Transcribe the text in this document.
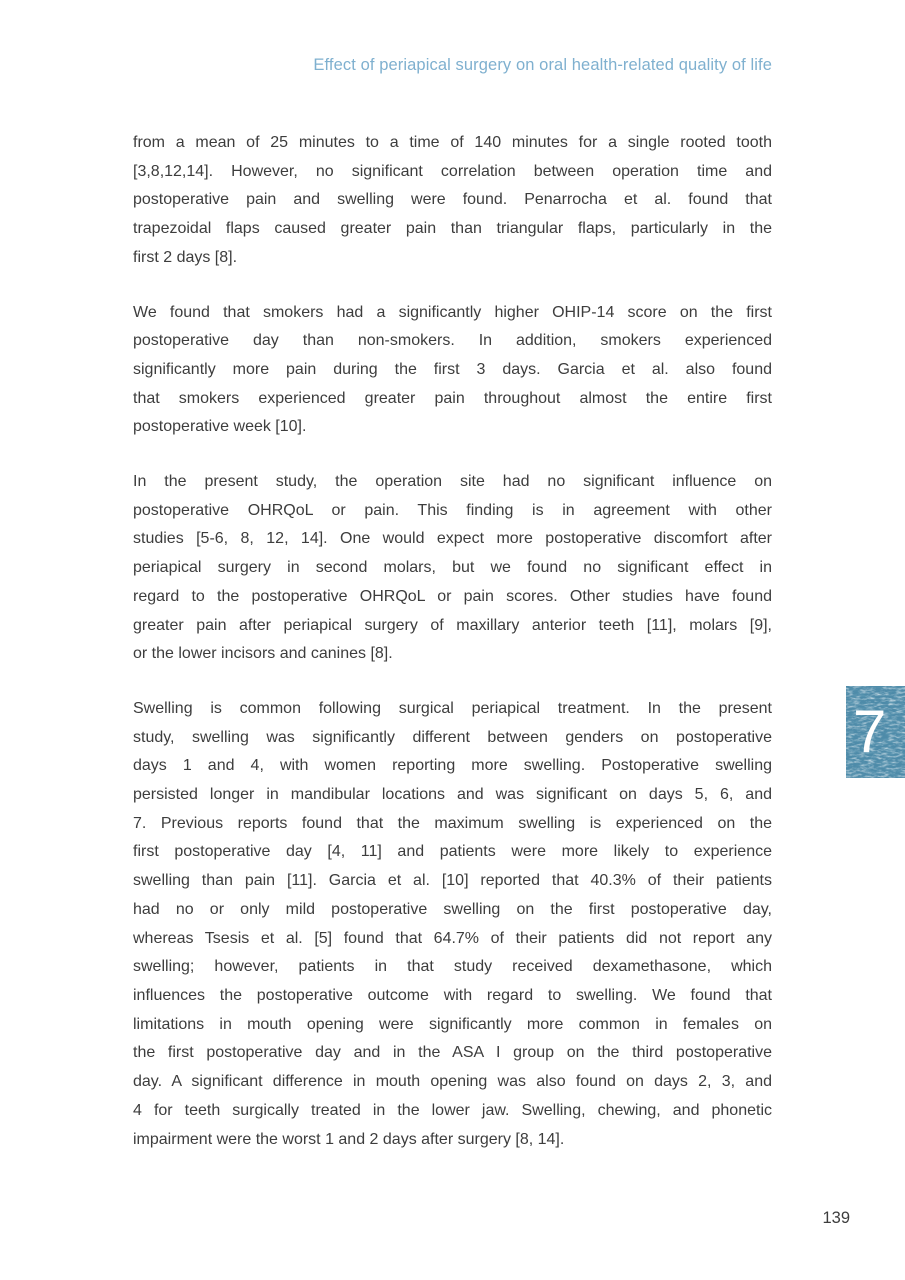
Effect of periapical surgery on oral health-related quality of life
from a mean of 25 minutes to a time of 140 minutes for a single rooted tooth
[3,8,12,14]. However, no significant correlation between operation time and
postoperative pain and swelling were found. Penarrocha et al. found that
trapezoidal flaps caused greater pain than triangular flaps, particularly in the
first 2 days [8].
We found that smokers had a significantly higher OHIP-14 score on the first
postoperative day than non-smokers. In addition, smokers experienced
significantly more pain during the first 3 days. Garcia et al. also found
that smokers experienced greater pain throughout almost the entire first
postoperative week [10].
In the present study, the operation site had no significant influence on
postoperative OHRQoL or pain. This finding is in agreement with other
studies [5-6, 8, 12, 14]. One would expect more postoperative discomfort after
periapical surgery in second molars, but we found no significant effect in
regard to the postoperative OHRQoL or pain scores. Other studies have found
greater pain after periapical surgery of maxillary anterior teeth [11], molars [9],
or the lower incisors and canines [8].
Swelling is common following surgical periapical treatment. In the present
study, swelling was significantly different between genders on postoperative
days 1 and 4, with women reporting more swelling. Postoperative swelling
persisted longer in mandibular locations and was significant on days 5, 6, and
7. Previous reports found that the maximum swelling is experienced on the
first postoperative day [4, 11] and patients were more likely to experience
swelling than pain [11]. Garcia et al. [10] reported that 40.3% of their patients
had no or only mild postoperative swelling on the first postoperative day,
whereas Tsesis et al. [5] found that 64.7% of their patients did not report any
swelling; however, patients in that study received dexamethasone, which
influences the postoperative outcome with regard to swelling. We found that
limitations in mouth opening were significantly more common in females on
the first postoperative day and in the ASA I group on the third postoperative
day. A significant difference in mouth opening was also found on days 2, 3, and
4 for teeth surgically treated in the lower jaw. Swelling, chewing, and phonetic
impairment were the worst 1 and 2 days after surgery [8, 14].
7
139
